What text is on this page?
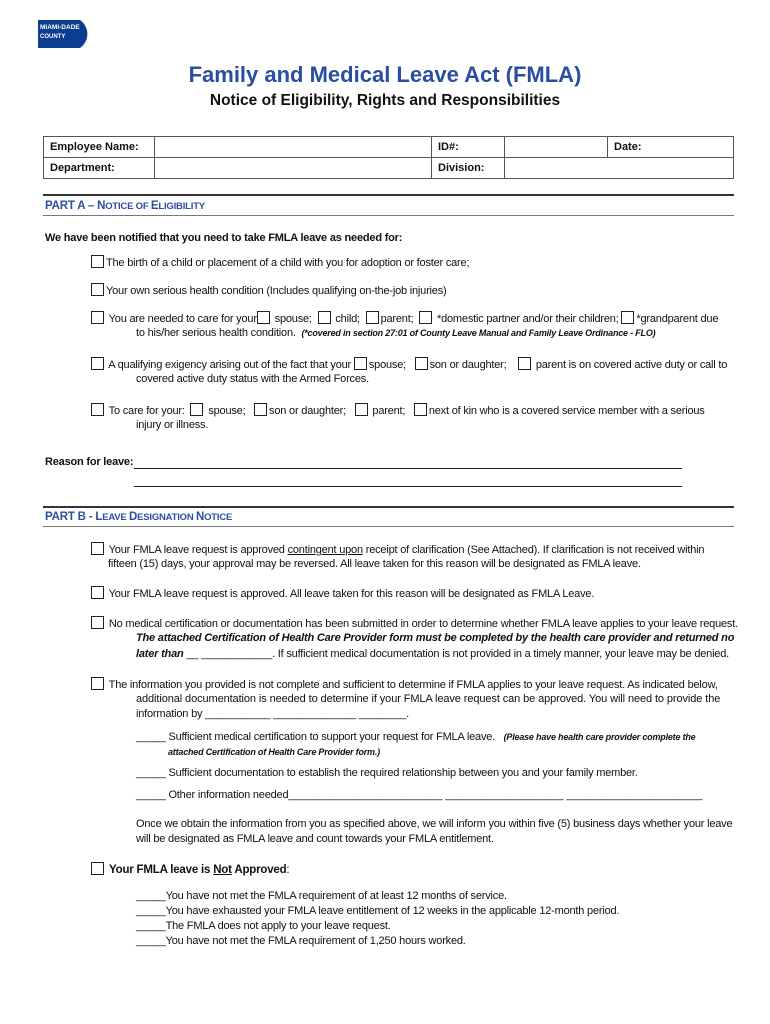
MIAMI-DADE
COUNTY
Family and Medical Leave Act (FMLA)
Notice of Eligibility, Rights and Responsibilities
Employee Name:		ID#:		Date:
Department:		Division:		
PART A – NOTICE OF ELIGIBILITY
We have been notified that you need to take FMLA leave as needed for:
The birth of a child or placement of a child with you for adoption or foster care;
Your own serious health condition (Includes qualifying on-the-job injuries)
You are needed to care for your spouse; child; parent; *domestic partner and/or their children; *grandparent due
to his/her serious health condition. (*covered in section 27:01 of County Leave Manual and Family Leave Ordinance - FLO)
A qualifying exigency arising out of the fact that your spouse; son or daughter;	parent is on covered active duty or call to
covered active duty status with the Armed Forces.
To care for your: spouse; son or daughter; parent; next of kin who is a covered service member with a serious
injury or illness.
Reason for leave:
PART B - LEAVE DESIGNATION NOTICE
Your FMLA leave request is approved contingent upon receipt of clarification (See Attached). If clarification is not received within
fifteen (15) days, your approval may be reversed. All leave taken for this reason will be designated as FMLA leave.
Your FMLA leave request is approved. All leave taken for this reason will be designated as FMLA Leave.
No medical certification or documentation has been submitted in order to determine whether FMLA leave applies to your leave request.
The attached Certification of Health Care Provider form must be completed by the health care provider and returned no
later than __ ____________. If sufficient medical documentation is not provided in a timely manner, your leave may be denied.
The information you provided is not complete and sufficient to determine if FMLA applies to your leave request. As indicated below,
additional documentation is needed to determine if your FMLA leave request can be approved. You will need to provide the
information by ___________ ______________ ________.
_____ Sufficient medical certification to support your request for FMLA leave. (Please have health care provider complete the
attached Certification of Health Care Provider form.)
_____ Sufficient documentation to establish the required relationship between you and your family member.
_____ Other information needed__________________________ ____________________ _______________________
Once we obtain the information from you as specified above, we will inform you within five (5) business days whether your leave
will be designated as FMLA leave and count towards your FMLA entitlement.
Your FMLA leave is Not Approved:
_____You have not met the FMLA requirement of at least 12 months of service.
_____You have exhausted your FMLA leave entitlement of 12 weeks in the applicable 12-month period.
_____The FMLA does not apply to your leave request.
_____You have not met the FMLA requirement of 1,250 hours worked.
